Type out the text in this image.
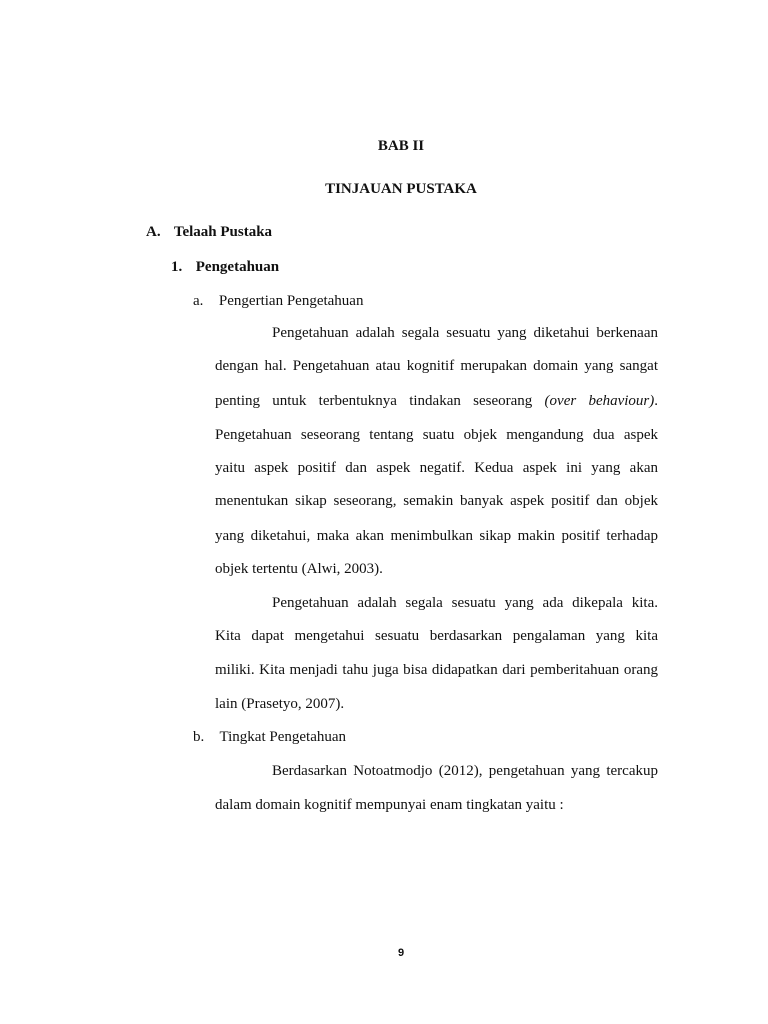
BAB II
TINJAUAN PUSTAKA
A. Telaah Pustaka
1. Pengetahuan
a. Pengertian Pengetahuan
Pengetahuan adalah segala sesuatu yang diketahui berkenaan
dengan hal. Pengetahuan atau kognitif merupakan domain yang sangat
penting untuk terbentuknya tindakan seseorang (over behaviour).
Pengetahuan seseorang tentang suatu objek mengandung dua aspek
yaitu aspek positif dan aspek negatif. Kedua aspek ini yang akan
menentukan sikap seseorang, semakin banyak aspek positif dan objek
yang diketahui, maka akan menimbulkan sikap makin positif terhadap
objek tertentu (Alwi, 2003).
Pengetahuan adalah segala sesuatu yang ada dikepala kita.
Kita dapat mengetahui sesuatu berdasarkan pengalaman yang kita
miliki. Kita menjadi tahu juga bisa didapatkan dari pemberitahuan orang
lain (Prasetyo, 2007).
b. Tingkat Pengetahuan
Berdasarkan Notoatmodjo (2012), pengetahuan yang tercakup
dalam domain kognitif mempunyai enam tingkatan yaitu :
9
